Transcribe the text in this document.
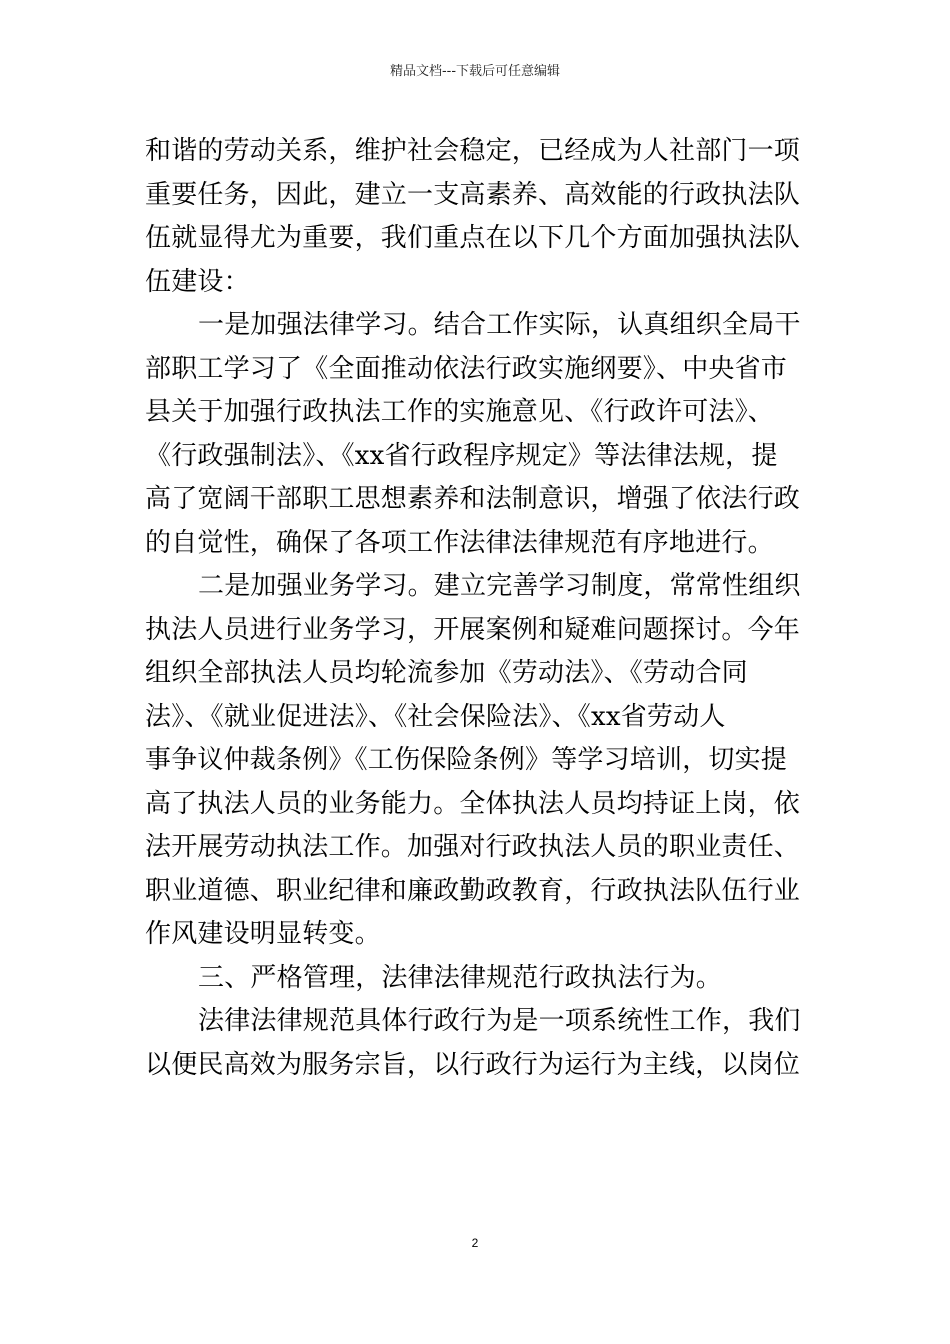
精品文档---下载后可任意编辑
和谐的劳动关系，维护社会稳定，已经成为人社部门一项
重要任务，因此，建立一支高素养、高效能的行政执法队
伍就显得尤为重要，我们重点在以下几个方面加强执法队
伍建设：
一是加强法律学习。结合工作实际，认真组织全局干
部职工学习了《全面推动依法行政实施纲要》、中央省市
县关于加强行政执法工作的实施意见、《行政许可法》、
《行政强制法》、《xx省行政程序规定》等法律法规，提
高了宽阔干部职工思想素养和法制意识，增强了依法行政
的自觉性，确保了各项工作法律法律规范有序地进行。
二是加强业务学习。建立完善学习制度，常常性组织
执法人员进行业务学习，开展案例和疑难问题探讨。今年
组织全部执法人员均轮流参加《劳动法》、《劳动合同
法》、《就业促进法》、《社会保险法》、《xx省劳动人
事争议仲裁条例》《工伤保险条例》等学习培训，切实提
高了执法人员的业务能力。全体执法人员均持证上岗，依
法开展劳动执法工作。加强对行政执法人员的职业责任、
职业道德、职业纪律和廉政勤政教育，行政执法队伍行业
作风建设明显转变。
三、严格管理，法律法律规范行政执法行为。
法律法律规范具体行政行为是一项系统性工作，我们
以便民高效为服务宗旨，以行政行为运行为主线，以岗位
2
